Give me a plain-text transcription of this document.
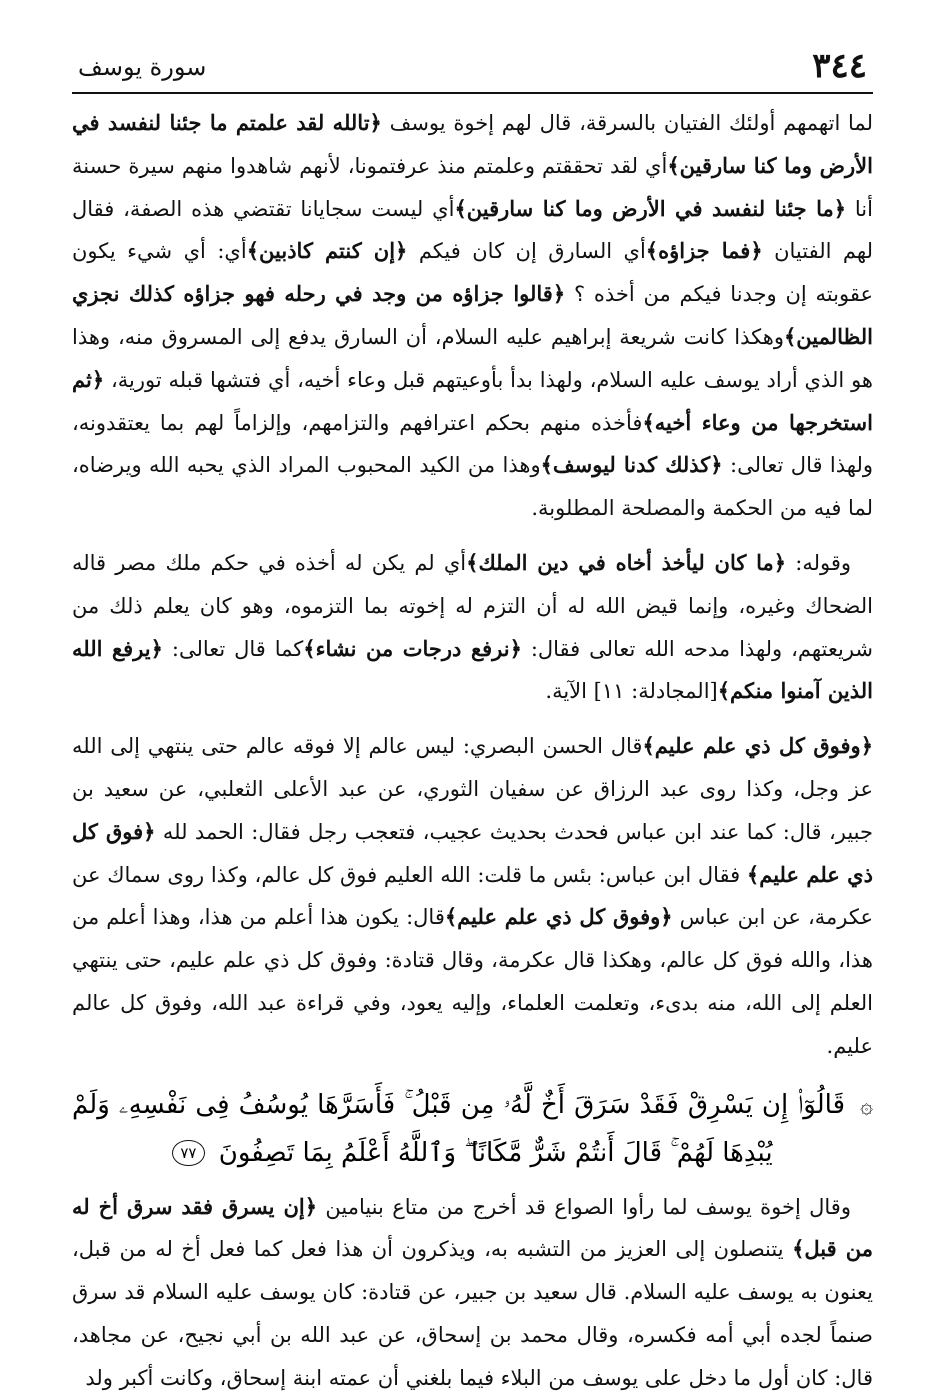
٣٤٤
سورة يوسف

لما اتهمهم أولئك الفتيان بالسرقة، قال لهم إخوة يوسف ﴿تالله لقد علمتم ما جئنا لنفسد في الأرض وما كنا سارقين﴾أي لقد تحققتم وعلمتم منذ عرفتمونا، لأنهم شاهدوا منهم سيرة حسنة أنا ﴿ما جئنا لنفسد في الأرض وما كنا سارقين﴾أي ليست سجايانا تقتضي هذه الصفة، فقال لهم الفتيان ﴿فما جزاؤه﴾أي السارق إن كان فيكم ﴿إن كنتم كاذبين﴾أي: أي شيء يكون عقوبته إن وجدنا فيكم من أخذه ؟ ﴿قالوا جزاؤه من وجد في رحله فهو جزاؤه كذلك نجزي الظالمين﴾وهكذا كانت شريعة إبراهيم عليه السلام، أن السارق يدفع إلى المسروق منه، وهذا هو الذي أراد يوسف عليه السلام، ولهذا بدأ بأوعيتهم قبل وعاء أخيه، أي فتشها قبله تورية، ﴿ثم استخرجها من وعاء أخيه﴾فأخذه منهم بحكم اعترافهم والتزامهم، وإلزاماً لهم بما يعتقدونه، ولهذا قال تعالى: ﴿كذلك كدنا ليوسف﴾وهذا من الكيد المحبوب المراد الذي يحبه الله ويرضاه، لما فيه من الحكمة والمصلحة المطلوبة.

وقوله: ﴿ما كان ليأخذ أخاه في دين الملك﴾أي لم يكن له أخذه في حكم ملك مصر قاله الضحاك وغيره، وإنما قيض الله له أن التزم له إخوته بما التزموه، وهو كان يعلم ذلك من شريعتهم، ولهذا مدحه الله تعالى فقال: ﴿نرفع درجات من نشاء﴾كما قال تعالى: ﴿يرفع الله الذين آمنوا منكم﴾[المجادلة: ١١] الآية.

﴿وفوق كل ذي علم عليم﴾قال الحسن البصري: ليس عالم إلا فوقه عالم حتى ينتهي إلى الله عز وجل، وكذا روى عبد الرزاق عن سفيان الثوري، عن عبد الأعلى الثعلبي، عن سعيد بن جبير، قال: كما عند ابن عباس فحدث بحديث عجيب، فتعجب رجل فقال: الحمد لله ﴿فوق كل ذي علم عليم﴾ فقال ابن عباس: بئس ما قلت: الله العليم فوق كل عالم، وكذا روى سماك عن عكرمة، عن ابن عباس ﴿وفوق كل ذي علم عليم﴾قال: يكون هذا أعلم من هذا، وهذا أعلم من هذا، والله فوق كل عالم، وهكذا قال عكرمة، وقال قتادة: وفوق كل ذي علم عليم، حتى ينتهي العلم إلى الله، منه بدىء، وتعلمت العلماء، وإليه يعود، وفي قراءة عبد الله، وفوق كل عالم عليم.

۞ قَالُوٓا۟ إِن يَسْرِقْ فَقَدْ سَرَقَ أَخٌ لَّهُۥ مِن قَبْلُ ۚ فَأَسَرَّهَا يُوسُفُ فِى نَفْسِهِۦ وَلَمْ يُبْدِهَا لَهُمْ ۚ قَالَ أَنتُمْ شَرٌّ مَّكَانًا ۖ وَٱللَّهُ أَعْلَمُ بِمَا تَصِفُونَ ٧٧

وقال إخوة يوسف لما رأوا الصواع قد أخرج من متاع بنيامين ﴿إن يسرق فقد سرق أخ له من قبل﴾ يتنصلون إلى العزيز من التشبه به، ويذكرون أن هذا فعل كما فعل أخ له من قبل، يعنون به يوسف عليه السلام. قال سعيد بن جبير، عن قتادة: كان يوسف عليه السلام قد سرق صنماً لجده أبي أمه فكسره، وقال محمد بن إسحاق، عن عبد الله بن أبي نجيح، عن مجاهد، قال: كان أول ما دخل على يوسف من البلاء فيما بلغني أن عمته ابنة إسحاق، وكانت أكبر ولد
